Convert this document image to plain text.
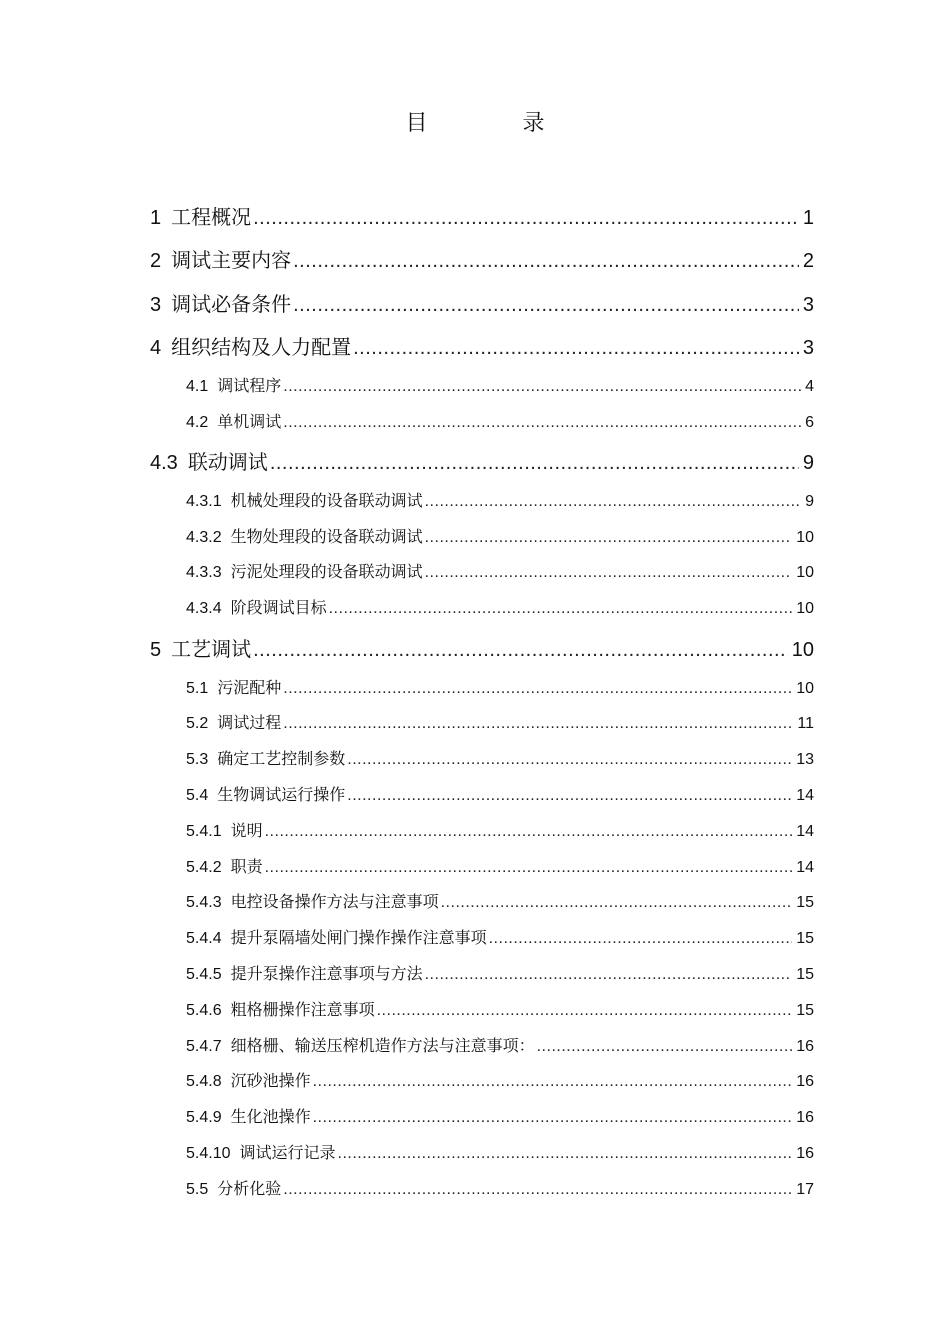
目 录
1 工程概况 .....	1
2 调试主要内容 .....	2
3 调试必备条件 .....	3
4 组织结构及人力配置 .....	3
4.1 调试程序 .....	4
4.2 单机调试 .....	6
4.3 联动调试 .....	9
4.3.1 机械处理段的设备联动调试 .....	9
4.3.2 生物处理段的设备联动调试 .....	10
4.3.3 污泥处理段的设备联动调试 .....	10
4.3.4 阶段调试目标 .....	10
5 工艺调试 .....	10
5.1 污泥配种 .....	10
5.2 调试过程 .....	11
5.3 确定工艺控制参数 .....	13
5.4 生物调试运行操作 .....	14
5.4.1 说明 .....	14
5.4.2 职责 .....	14
5.4.3 电控设备操作方法与注意事项 .....	15
5.4.4 提升泵隔墙处闸门操作操作注意事项 .....	15
5.4.5 提升泵操作注意事项与方法 .....	15
5.4.6 粗格栅操作注意事项 .....	15
5.4.7 细格栅、输送压榨机造作方法与注意事项： .....	16
5.4.8 沉砂池操作 .....	16
5.4.9 生化池操作 .....	16
5.4.10 调试运行记录 .....	16
5.5 分析化验 .....	17
